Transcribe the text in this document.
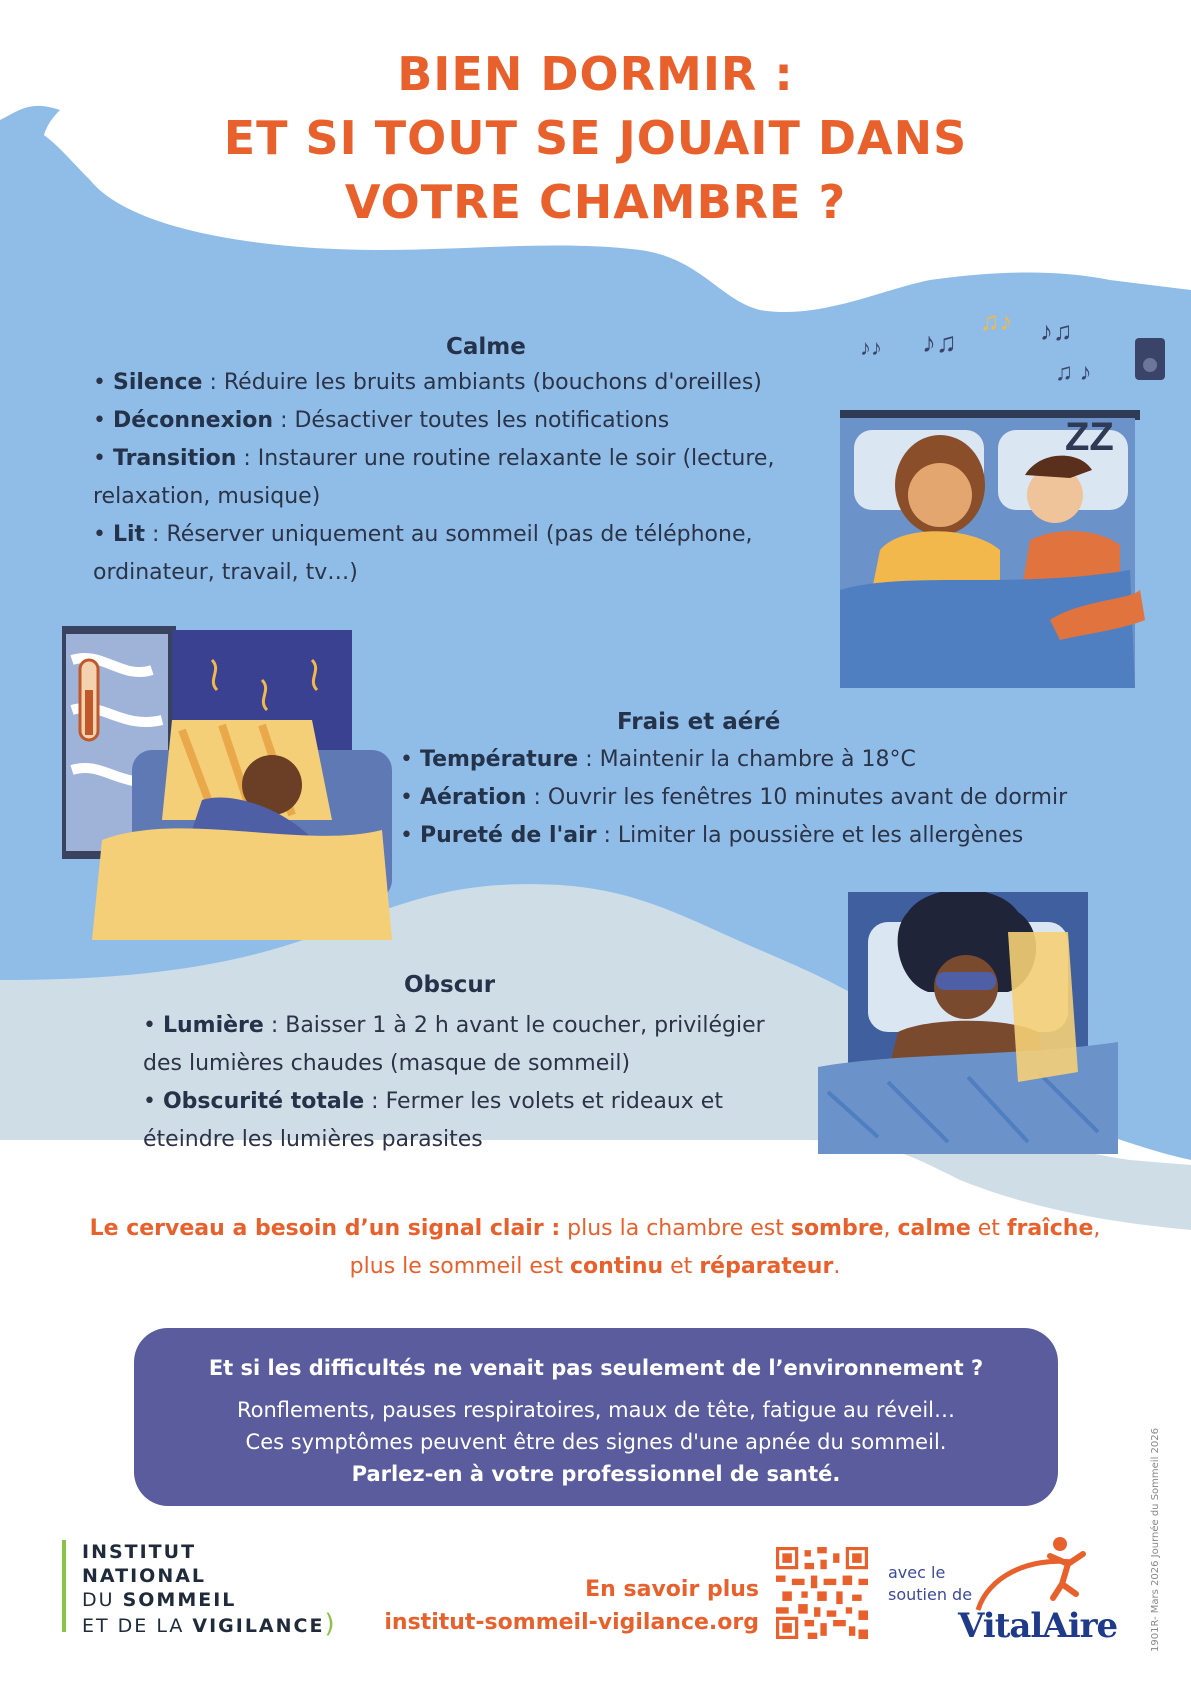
BIEN DORMIR :
ET SI TOUT SE JOUAIT DANS
VOTRE CHAMBRE ?
Calme
• Silence : Réduire les bruits ambiants (bouchons d'oreilles)
• Déconnexion : Désactiver toutes les notifications
• Transition : Instaurer une routine relaxante le soir (lecture,
relaxation, musique)
• Lit : Réserver uniquement au sommeil (pas de téléphone,
ordinateur, travail, tv…)
♪♫
♫♪ ♪♫
♪♪
♫ ♪
ZZ
Frais et aéré
• Température : Maintenir la chambre à 18°C
• Aération : Ouvrir les fenêtres 10 minutes avant de dormir
• Pureté de l'air : Limiter la poussière et les allergènes
Obscur
• Lumière : Baisser 1 à 2 h avant le coucher, privilégier
des lumières chaudes (masque de sommeil)
• Obscurité totale : Fermer les volets et rideaux et
éteindre les lumières parasites
Le cerveau a besoin d’un signal clair : plus la chambre est sombre, calme et fraîche,
plus le sommeil est continu et réparateur.
Et si les difficultés ne venait pas seulement de l’environnement ?
Ronflements, pauses respiratoires, maux de tête, fatigue au réveil…
Ces symptômes peuvent être des signes d'une apnée du sommeil.
Parlez-en à votre professionnel de santé.
INSTITUT
NATIONAL
DU SOMMEIL
ET DE LA VIGILANCE)
En savoir plus
institut-sommeil-vigilance.org
avec le
soutien de
VitalAire	1901R- Mars 2026 Journée du Sommeil 2026
